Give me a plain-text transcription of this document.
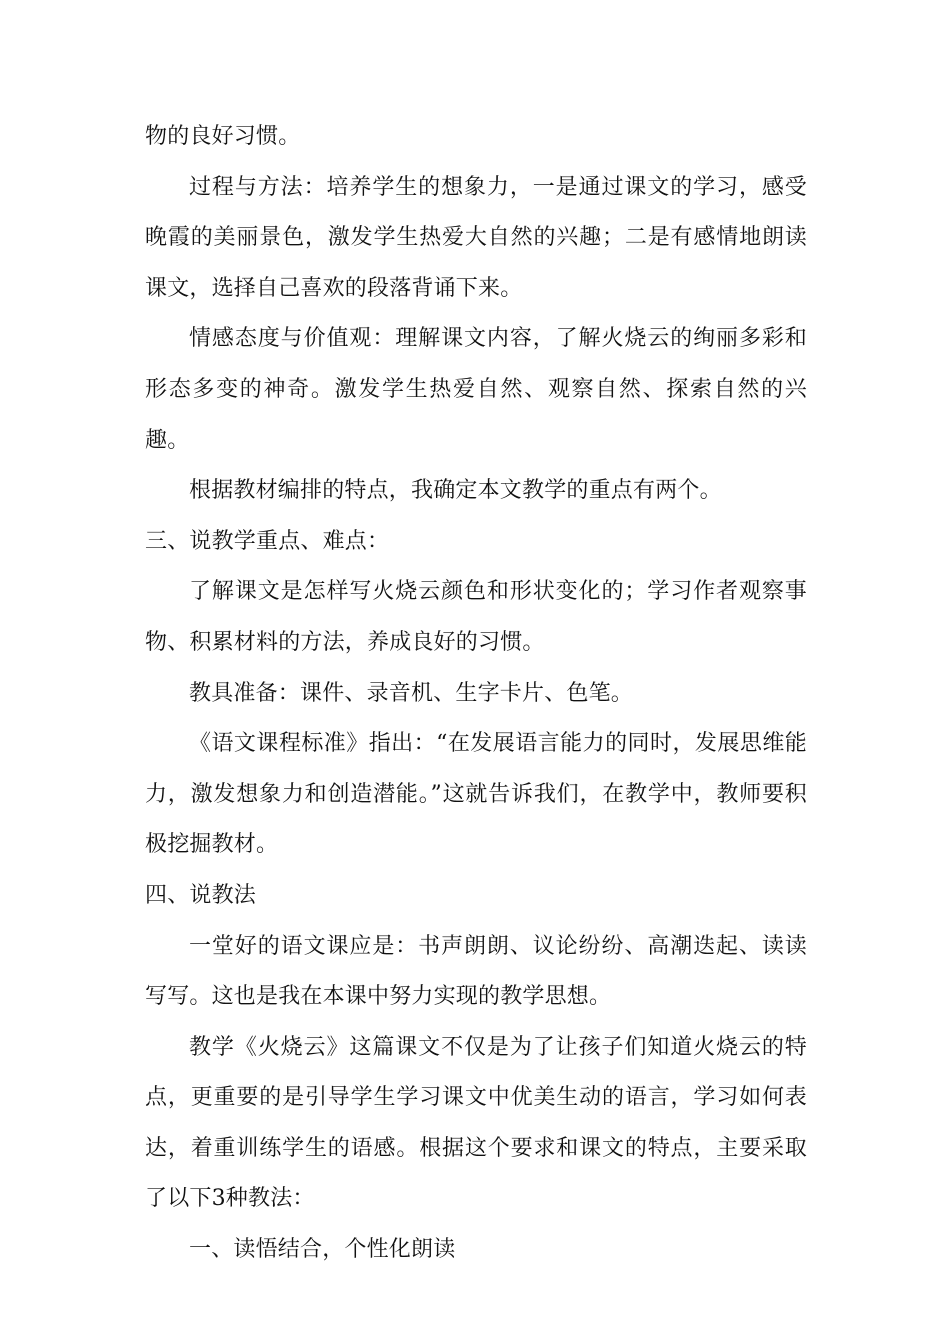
物的良好习惯。

过程与方法：培养学生的想象力，一是通过课文的学习，感受晚霞的美丽景色，激发学生热爱大自然的兴趣；二是有感情地朗读课文，选择自己喜欢的段落背诵下来。

情感态度与价值观：理解课文内容，了解火烧云的绚丽多彩和形态多变的神奇。激发学生热爱自然、观察自然、探索自然的兴趣。

根据教材编排的特点，我确定本文教学的重点有两个。

三、说教学重点、难点：

了解课文是怎样写火烧云颜色和形状变化的；学习作者观察事物、积累材料的方法，养成良好的习惯。

教具准备：课件、录音机、生字卡片、色笔。

《语文课程标准》指出：“在发展语言能力的同时，发展思维能力，激发想象力和创造潜能。”这就告诉我们，在教学中，教师要积极挖掘教材。

四、说教法

一堂好的语文课应是：书声朗朗、议论纷纷、高潮迭起、读读写写。这也是我在本课中努力实现的教学思想。

教学《火烧云》这篇课文不仅是为了让孩子们知道火烧云的特点，更重要的是引导学生学习课文中优美生动的语言，学习如何表达，着重训练学生的语感。根据这个要求和课文的特点，主要采取了以下3种教法：

一、读悟结合，个性化朗读
